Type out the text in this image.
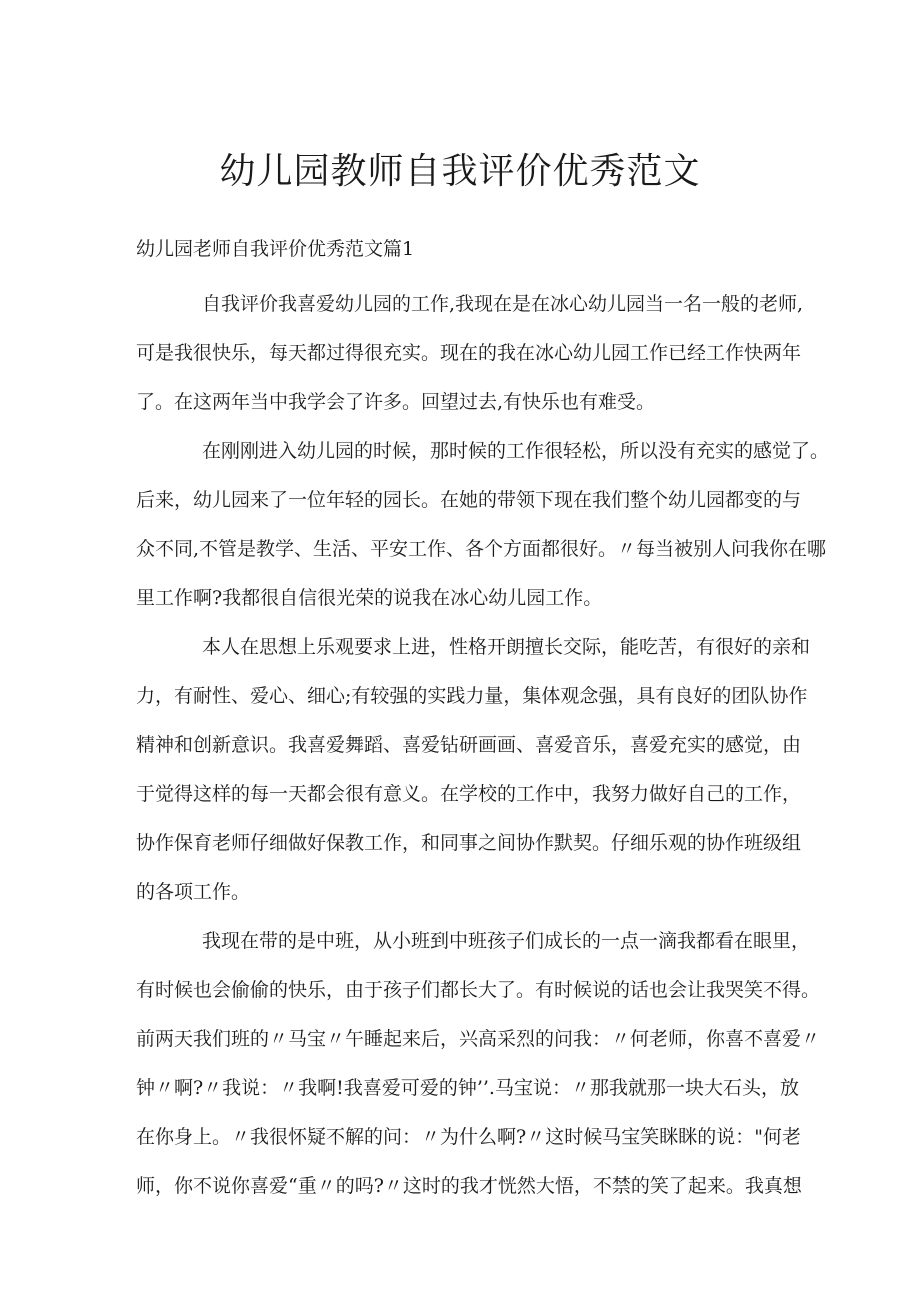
幼儿园教师自我评价优秀范文
幼儿园老师自我评价优秀范文篇1

自我评价我喜爱幼儿园的工作,我现在是在冰心幼儿园当一名一般的老师,
可是我很快乐，每天都过得很充实。现在的我在冰心幼儿园工作已经工作快两年
了。在这两年当中我学会了许多。回望过去,有快乐也有难受。

在刚刚进入幼儿园的时候，那时候的工作很轻松，所以没有充实的感觉了。
后来，幼儿园来了一位年轻的园长。在她的带领下现在我们整个幼儿园都变的与
众不同,不管是教学、生活、平安工作、各个方面都很好。〃每当被别人问我你在哪
里工作啊?我都很自信很光荣的说我在冰心幼儿园工作。

本人在思想上乐观要求上进，性格开朗擅长交际，能吃苦，有很好的亲和
力，有耐性、爱心、细心;有较强的实践力量，集体观念强，具有良好的团队协作
精神和创新意识。我喜爱舞蹈、喜爱钻研画画、喜爱音乐，喜爱充实的感觉，由
于觉得这样的每一天都会很有意义。在学校的工作中，我努力做好自己的工作，
协作保育老师仔细做好保教工作，和同事之间协作默契。仔细乐观的协作班级组
的各项工作。

我现在带的是中班，从小班到中班孩子们成长的一点一滴我都看在眼里，
有时候也会偷偷的快乐，由于孩子们都长大了。有时候说的话也会让我哭笑不得。
前两天我们班的〃马宝〃午睡起来后，兴高采烈的问我：〃何老师，你喜不喜爱〃
钟〃啊?〃我说：〃我啊!我喜爱可爱的钟’’.马宝说：〃那我就那一块大石头，放
在你身上。〃我很怀疑不解的问：〃为什么啊?〃这时候马宝笑眯眯的说："何老
师，你不说你喜爱“重〃的吗?〃这时的我才恍然大悟，不禁的笑了起来。我真想
